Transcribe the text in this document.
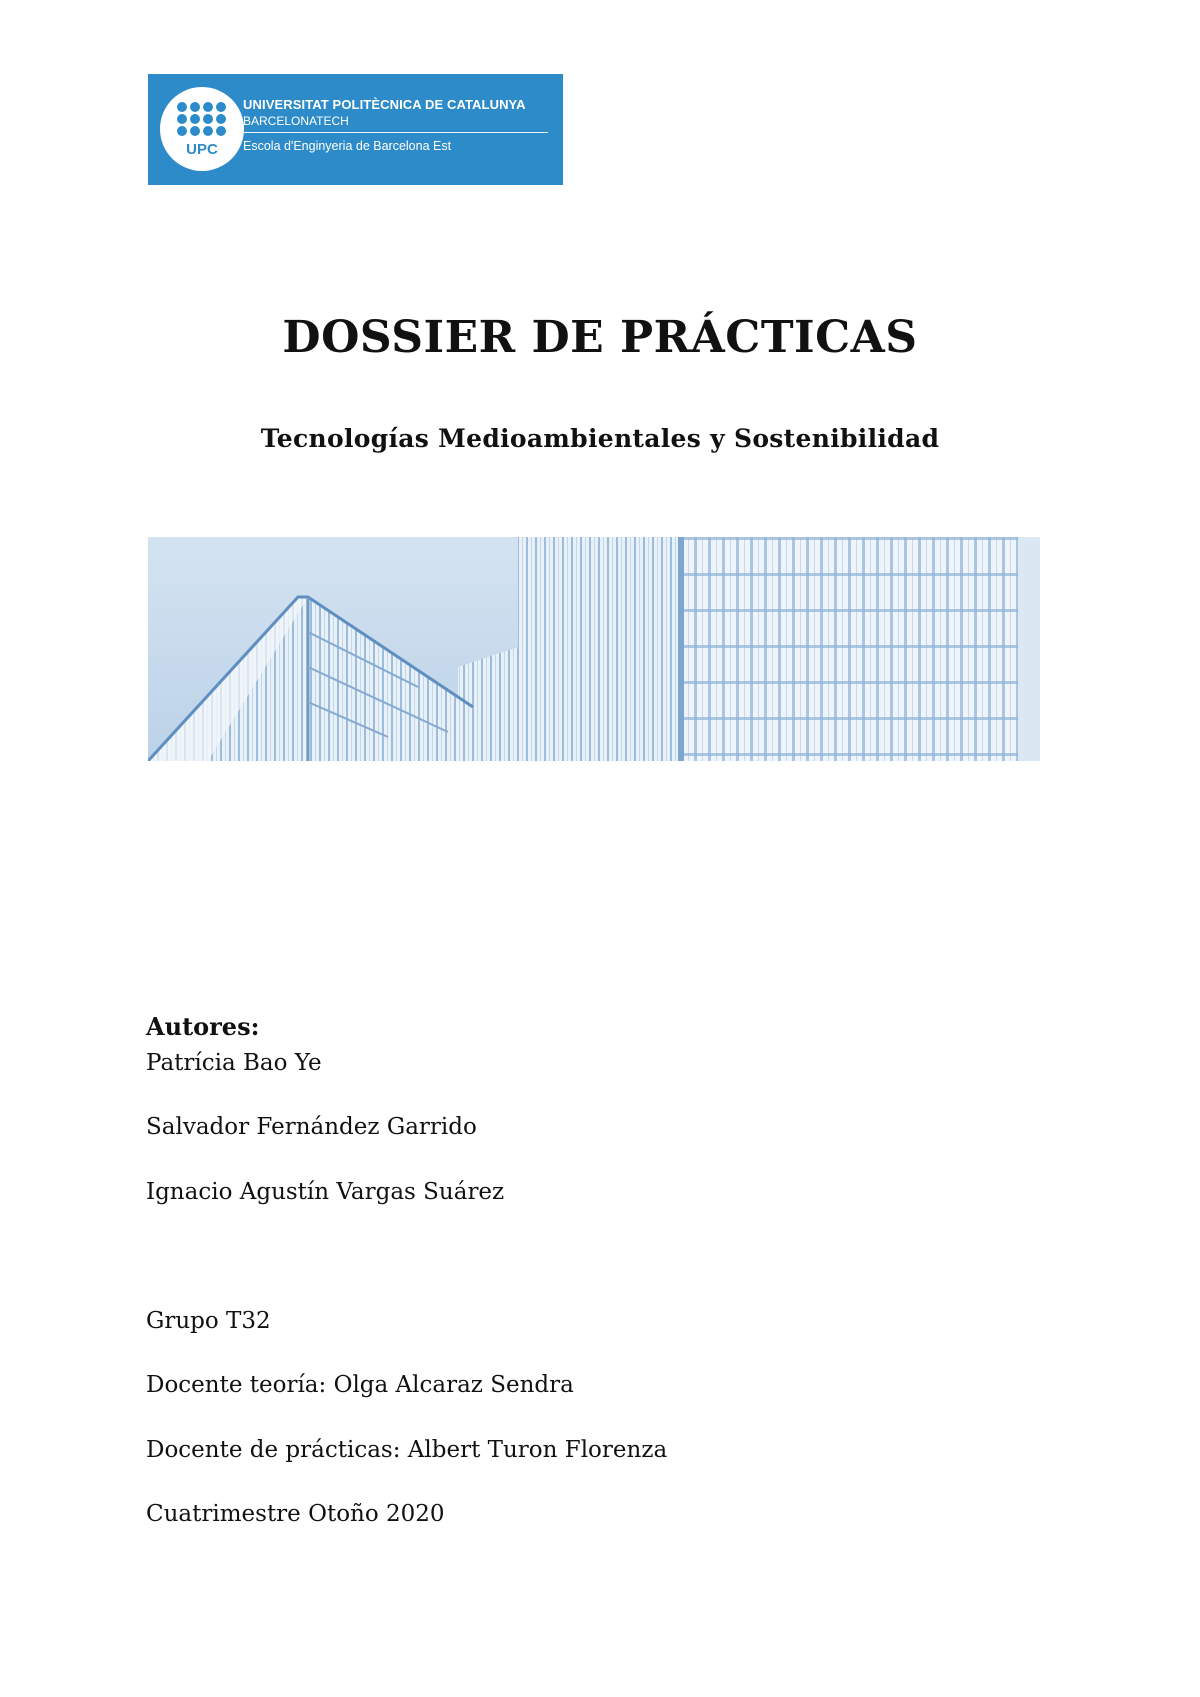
UPC
UNIVERSITAT POLITÈCNICA DE CATALUNYA
BARCELONATECH
Escola d'Enginyeria de Barcelona Est
DOSSIER DE PRÁCTICAS
Tecnologías Medioambientales y Sostenibilidad
Autores:
Patrícia Bao Ye
Salvador Fernández Garrido
Ignacio Agustín Vargas Suárez
Grupo T32
Docente teoría: Olga Alcaraz Sendra
Docente de prácticas: Albert Turon Florenza
Cuatrimestre Otoño 2020
